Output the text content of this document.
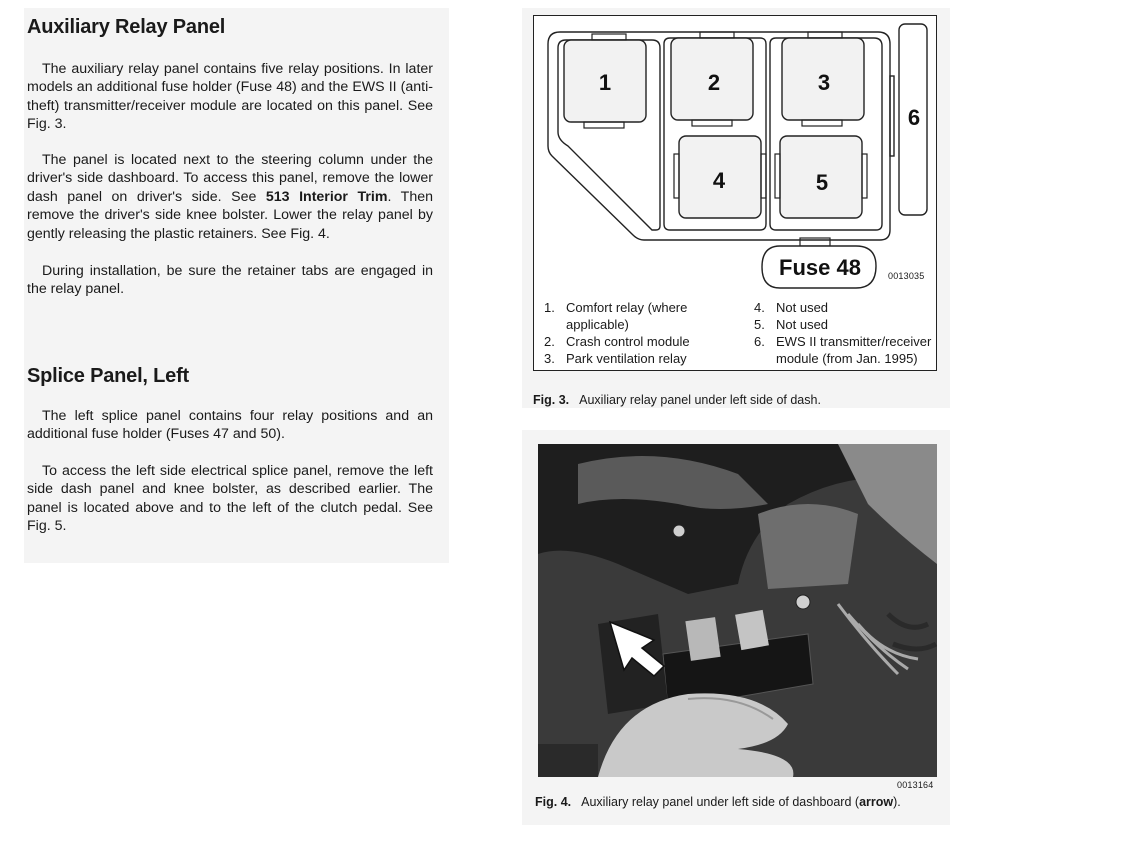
Auxiliary Relay Panel

The auxiliary relay panel contains five relay positions. In later models an additional fuse holder (Fuse 48) and the EWS II (anti-theft) transmitter/receiver module are located on this panel. See Fig. 3.

The panel is located next to the steering column under the driver's side dashboard. To access this panel, remove the lower dash panel on driver's side. See 513 Interior Trim. Then remove the driver's side knee bolster. Lower the relay panel by gently releasing the plastic retainers. See Fig. 4.

During installation, be sure the retainer tabs are engaged in the relay panel.

Splice Panel, Left

The left splice panel contains four relay positions and an additional fuse holder (Fuses 47 and 50).

To access the left side electrical splice panel, remove the left side dash panel and knee bolster, as described earlier. The panel is located above and to the left of the clutch pedal. See Fig. 5.

1	2	3
4	5
6
Fuse 48	0013035
1. Comfort relay (where applicable)
2. Crash control module
3. Park ventilation relay
4. Not used
5. Not used
6. EWS II transmitter/receiver module (from Jan. 1995)

Fig. 3. Auxiliary relay panel under left side of dash.

0013164

Fig. 4. Auxiliary relay panel under left side of dashboard (arrow).
